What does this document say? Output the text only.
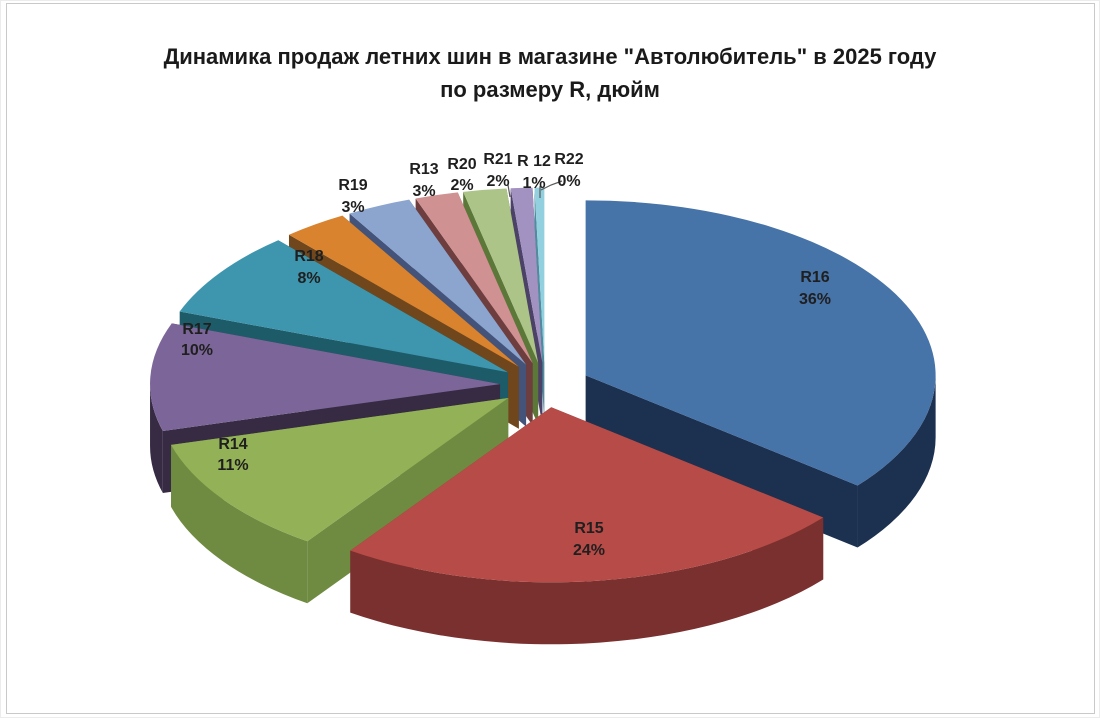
Динамика продаж летних шин в магазине "Автолюбитель" в 2025 году
по размеру R, дюйм
R16
36%
R15
24%
R14
11%
R17
10%
R18
8%
R19
3%
R13
3%
R20
2%
R21
2%
R 12
1%
R22
0%
